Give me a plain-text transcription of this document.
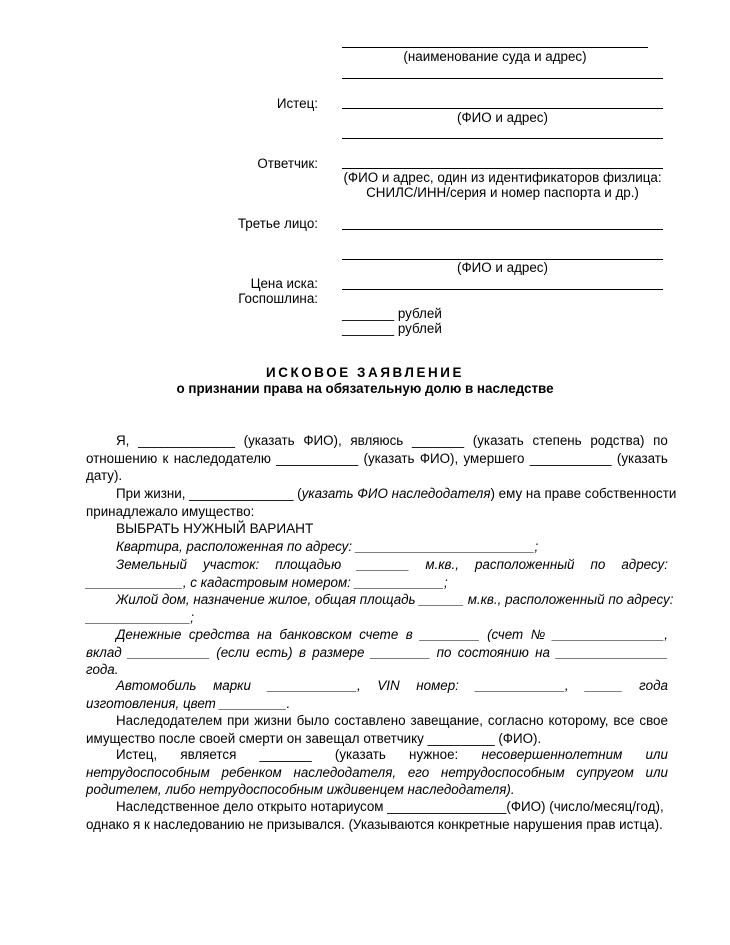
(наименование суда и адрес)
Истец:
(ФИО и адрес)
Ответчик:
(ФИО и адрес, один из идентификаторов физлица:
СНИЛС/ИНН/серия и номер паспорта и др.)
Третье лицо:
(ФИО и адрес)
Цена иска:
Госпошлина:
_______ рублей
_______ рублей
ИСКОВОЕ ЗАЯВЛЕНИЕ
о признании права на обязательную долю в наследстве
Я, _____________ (указать ФИО), являюсь _______ (указать степень родства) по
отношению к наследодателю ___________ (указать ФИО), умершего ___________ (указать
дату).
При жизни, ______________ (указать ФИО наследодателя) ему на праве собственности
принадлежало имущество:
ВЫБРАТЬ НУЖНЫЙ ВАРИАНТ
Квартира, расположенная по адресу: ________________________;
Земельный участок: площадью _______ м.кв., расположенный по адресу:
_____________, с кадастровым номером: ____________;
Жилой дом, назначение жилое, общая площадь ______ м.кв., расположенный по адресу:
______________;
Денежные средства на банковском счете в ________ (счет № _______________,
вклад ___________ (если есть) в размере ________ по состоянию на _______________
года.
Автомобиль марки ____________, VIN номер: ____________, _____ года
изготовления, цвет _________.
Наследодателем при жизни было составлено завещание, согласно которому, все свое
имущество после своей смерти он завещал ответчику _________ (ФИО).
Истец, является _______ (указать нужное: несовершеннолетним или
нетрудоспособным ребенком наследодателя, его нетрудоспособным супругом или
родителем, либо нетрудоспособным иждивенцем наследодателя).
Наследственное дело открыто нотариусом ________________(ФИО) (число/месяц/год),
однако я к наследованию не призывался. (Указываются конкретные нарушения прав истца).
